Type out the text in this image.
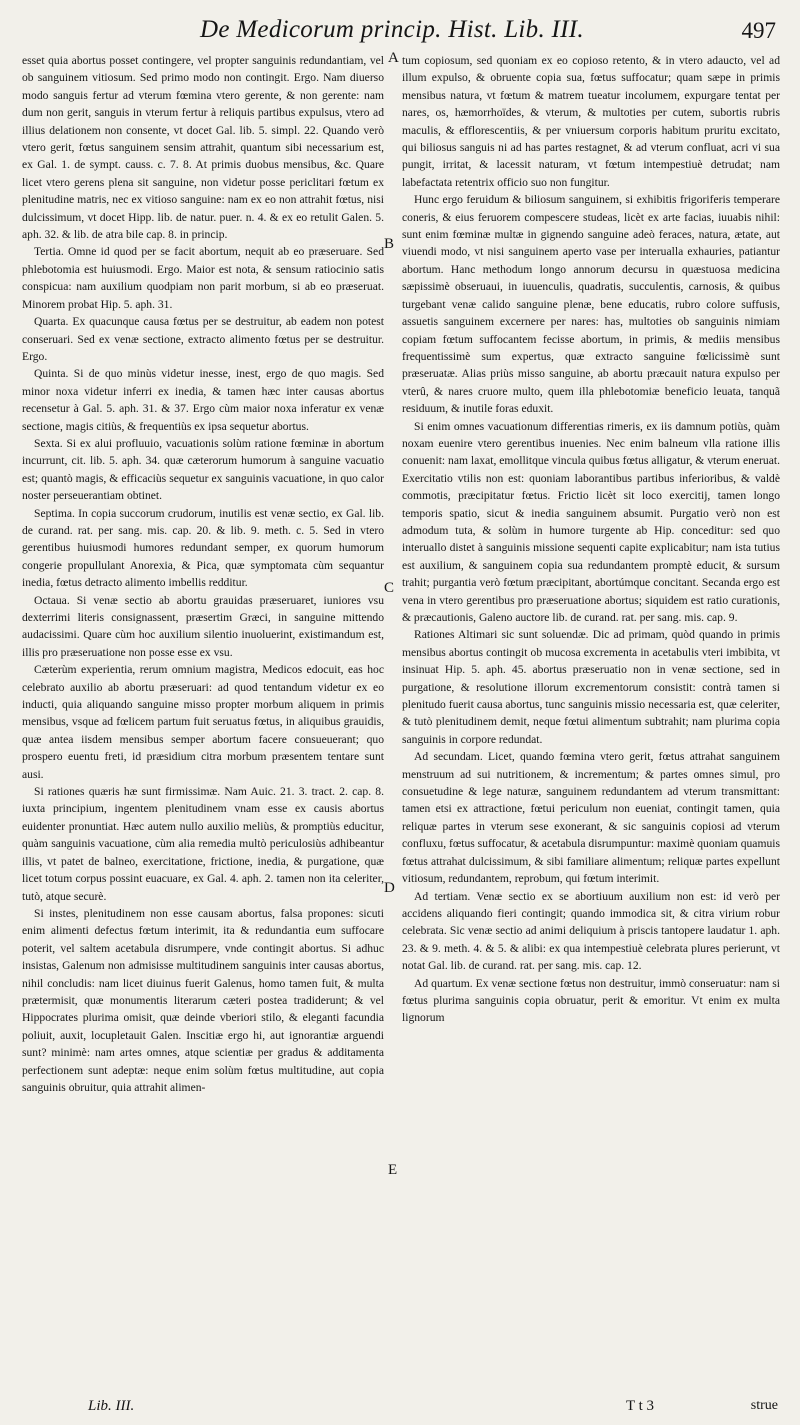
De Medicorum princip. Hist. Lib. III.	497

esset quia abortus posset contingere, vel propter sanguinis redundantiam, vel ob sanguinem vitiosum. Sed primo modo non contingit. Ergo. Nam diuerso modo sanguis fertur ad vterum fœmina vtero gerente, & non gerente: nam dum non gerit, sanguis in vterum fertur à reliquis partibus expulsus, vtero ad illius delationem non consente, vt docet Gal. lib. 5. simpl. 22. Quando verò vtero gerit, fœtus sanguinem sensim attrahit, quantum sibi necessarium est, ex Gal. 1. de sympt. causs. c. 7. 8. At primis duobus mensibus, &c. Quare licet vtero gerens plena sit sanguine, non videtur posse periclitari fœtum ex plenitudine matris, nec ex vitioso sanguine: nam ex eo non attrahit fœtus, nisi dulcissimum, vt docet Hipp. lib. de natur. puer. n. 4. & ex eo retulit Galen. 5. aph. 32. & lib. de atra bile cap. 8. in princip.

Tertia. Omne id quod per se facit abortum, nequit ab eo præseruare. Sed phlebotomia est huiusmodi. Ergo. Maior est nota, & sensum ratiocinio satis conspicua: nam auxilium quodpiam non parit morbum, si ab eo præseruat. Minorem probat Hip. 5. aph. 31.

Quarta. Ex quacunque causa fœtus per se destruitur, ab eadem non potest conseruari. Sed ex venæ sectione, extracto alimento fœtus per se destruitur. Ergo.

Quinta. Si de quo minùs videtur inesse, inest, ergo de quo magis. Sed minor noxa videtur inferri ex inedia, & tamen hæc inter causas abortus recensetur à Gal. 5. aph. 31. & 37. Ergo cùm maior noxa inferatur ex venæ sectione, magis citiùs, & frequentiùs ex ipsa sequetur abortus.

Sexta. Si ex alui profluuio, vacuationis solùm ratione fœminæ in abortum incurrunt, cit. lib. 5. aph. 34. quæ cæterorum humorum à sanguine vacuatio est; quantò magis, & efficaciùs sequetur ex sanguinis vacuatione, in quo calor noster perseuerantiam obtinet.

Septima. In copia succorum crudorum, inutilis est venæ sectio, ex Gal. lib. de curand. rat. per sang. mis. cap. 20. & lib. 9. meth. c. 5. Sed in vtero gerentibus huiusmodi humores redundant semper, ex quorum humorum congerie propullulant Anorexia, & Pica, quæ symptomata cùm sequantur inedia, fœtus detracto alimento imbellis redditur.

Octaua. Si venæ sectio ab abortu grauidas præseruaret, iuniores vsu dexterrimi literis consignassent, præsertim Græci, in sanguine mittendo audacissimi. Quare cùm hoc auxilium silentio inuoluerint, existimandum est, illis pro præseruatione non posse esse ex vsu.

Cæterùm experientia, rerum omnium magistra, Medicos edocuit, eas hoc celebrato auxilio ab abortu præseruari: ad quod tentandum videtur ex eo inducti, quia aliquando sanguine misso propter morbum aliquem in primis mensibus, vsque ad fœlicem partum fuit seruatus fœtus, in aliquibus grauidis, quæ antea iisdem mensibus semper abortum facere consueuerant; quo prospero euentu freti, id præsidium citra morbum præsentem tentare sunt ausi.

Si rationes quæris hæ sunt firmissimæ. Nam Auic. 21. 3. tract. 2. cap. 8. iuxta principium, ingentem plenitudinem vnam esse ex causis abortus euidenter pronuntiat. Hæc autem nullo auxilio meliùs, & promptiùs educitur, quàm sanguinis vacuatione, cùm alia remedia multò periculosiùs adhibeantur illis, vt patet de balneo, exercitatione, frictione, inedia, & purgatione, quæ licet totum corpus possint euacuare, ex Gal. 4. aph. 2. tamen non ita celeriter, tutò, atque securè.

Si instes, plenitudinem non esse causam abortus, falsa propones: sicuti enim alimenti defectus fœtum interimit, ita & redundantia eum suffocare poterit, vel saltem acetabula disrumpere, vnde contingit abortus. Si adhuc insistas, Galenum non admisisse multitudinem sanguinis inter causas abortus, nihil concludis: nam licet diuinus fuerit Galenus, homo tamen fuit, & multa prætermisit, quæ monumentis literarum cæteri postea tradiderunt; & vel Hippocrates plurima omisit, quæ deinde vberiori stilo, & eleganti facundia poliuit, auxit, locupletauit Galen. Inscitiæ ergo hi, aut ignorantiæ arguendi sunt? minimè: nam artes omnes, atque scientiæ per gradus & additamenta perfectionem sunt adeptæ: neque enim solùm fœtus multitudine, aut copia sanguinis obruitur, quia attrahit alimen-

A
B
C
D
E

tum copiosum, sed quoniam ex eo copioso retento, & in vtero adaucto, vel ad illum expulso, & obruente copia sua, fœtus suffocatur; quam sæpe in primis mensibus natura, vt fœtum & matrem tueatur incolumem, expurgare tentat per nares, os, hæmorrhoïdes, & vterum, & multoties per cutem, subortis rubris maculis, & efflorescentiis, & per vniuersum corporis habitum pruritu excitato, qui biliosus sanguis ni ad has partes restagnet, & ad vterum confluat, acri vi sua pungit, irritat, & lacessit naturam, vt fœtum intempestiuè detrudat; nam labefactata retentrix officio suo non fungitur.

Hunc ergo feruidum & biliosum sanguinem, si exhibitis frigoriferis temperare coneris, & eius feruorem compescere studeas, licèt ex arte facias, iuuabis nihil: sunt enim fœminæ multæ in gignendo sanguine adeò feraces, natura, ætate, aut viuendi modo, vt nisi sanguinem aperto vase per interualla exhauries, patiantur abortum. Hanc methodum longo annorum decursu in quæstuosa medicina sæpissimè obseruaui, in iuuenculis, quadratis, succulentis, carnosis, & quibus turgebant venæ calido sanguine plenæ, bene educatis, rubro colore suffusis, assuetis sanguinem excernere per nares: has, multoties ob sanguinis nimiam copiam fœtum suffocantem fecisse abortum, in primis, & mediis mensibus frequentissimè sum expertus, quæ extracto sanguine fœlicissimè sunt præseruatæ. Alias priùs misso sanguine, ab abortu præcauit natura expulso per vterû, & nares cruore multo, quem illa phlebotomiæ beneficio leuata, tanquã residuum, & inutile foras eduxit.

Si enim omnes vacuationum differentias rimeris, ex iis damnum potiùs, quàm noxam euenire vtero gerentibus inuenies. Nec enim balneum vlla ratione illis conuenit: nam laxat, emollitque vincula quibus fœtus alligatur, & vterum eneruat. Exercitatio vtilis non est: quoniam laborantibus partibus inferioribus, & valdè commotis, præcipitatur fœtus. Frictio licèt sit loco exercitij, tamen longo temporis spatio, sicut & inedia sanguinem absumit. Purgatio verò non est admodum tuta, & solùm in humore turgente ab Hip. conceditur: sed quo interuallo distet à sanguinis missione sequenti capite explicabitur; nam ista tutius est auxilium, & sanguinem copia sua redundantem promptè educit, & sursum trahit; purgantia verò fœtum præcipitant, abortúmque concitant. Secanda ergo est vena in vtero gerentibus pro præseruatione abortus; siquidem est ratio curationis, & præcautionis, Galeno auctore lib. de curand. rat. per sang. mis. cap. 9.

Rationes Altimari sic sunt soluendæ. Dic ad primam, quòd quando in primis mensibus abortus contingit ob mucosa excrementa in acetabulis vteri imbibita, vt insinuat Hip. 5. aph. 45. abortus præseruatio non in venæ sectione, sed in purgatione, & resolutione illorum excrementorum consistit: contrà tamen si plenitudo fuerit causa abortus, tunc sanguinis missio necessaria est, quæ celeriter, & tutò plenitudinem demit, neque fœtui alimentum subtrahit; nam plurima copia sanguinis in corpore redundat.

Ad secundam. Licet, quando fœmina vtero gerit, fœtus attrahat sanguinem menstruum ad sui nutritionem, & incrementum; & partes omnes simul, pro consuetudine & lege naturæ, sanguinem redundantem ad vterum transmittant: tamen etsi ex attractione, fœtui periculum non eueniat, contingit tamen, quia reliquæ partes in vterum sese exonerant, & sic sanguinis copiosi ad vterum confluxu, fœtus suffocatur, & acetabula disrumpuntur: maximè quoniam quamuis fœtus attrahat dulcissimum, & sibi familiare alimentum; reliquæ partes expellunt vitiosum, redundantem, reprobum, qui fœtum interimit.

Ad tertiam. Venæ sectio ex se abortiuum auxilium non est: id verò per accidens aliquando fieri contingit; quando immodica sit, & citra virium robur celebrata. Sic venæ sectio ad animi deliquium à priscis tantopere laudatur 1. aph. 23. & 9. meth. 4. & 5. & alibi: ex qua intempestiuè celebrata plures perierunt, vt notat Gal. lib. de curand. rat. per sang. mis. cap. 12.

Ad quartum. Ex venæ sectione fœtus non destruitur, immò conseruatur: nam si fœtus plurima sanguinis copia obruatur, perit & emoritur. Vt enim ex multa lignorum

Lib. III.	T t 3	strue
